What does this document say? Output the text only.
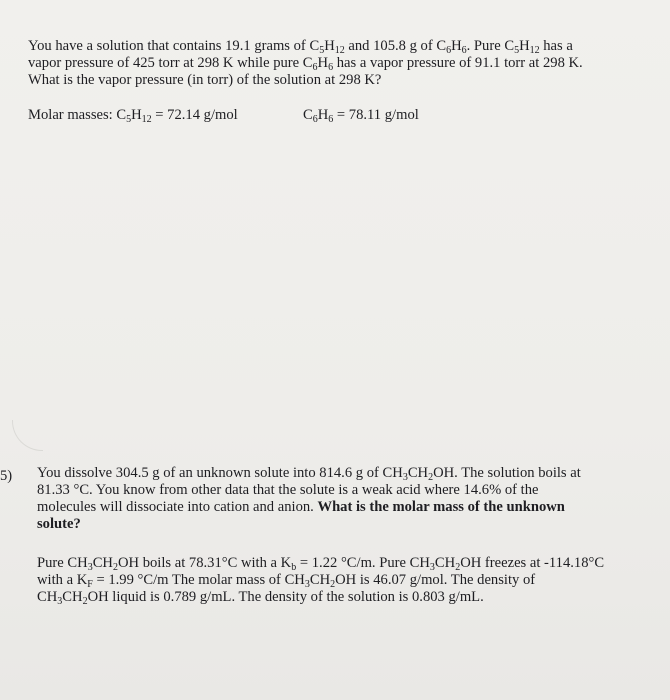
You have a solution that contains 19.1 grams of $C_5H_{12}$ and 105.8 g of $C_6H_6$. Pure $C_5H_{12}$ has a
vapor pressure of 425 torr at 298 K while pure $C_6H_6$ has a vapor pressure of 91.1 torr at 298 K.
What is the vapor pressure (in torr) of the solution at 298 K?
Molar masses: $C_5H_{12} = 72.14$ g/mol	$C_6H_6 = 78.11$ g/mol
5) You dissolve 304.5 g of an unknown solute into 814.6 g of $CH_3CH_2OH$. The solution boils at
81.33 °C. You know from other data that the solute is a weak acid where 14.6% of the
molecules will dissociate into cation and anion. What is the molar mass of the unknown
solute?
Pure $CH_3CH_2OH$ boils at 78.31°C with a $K_b = 1.22$ °C/m. Pure $CH_3CH_2OH$ freezes at -114.18°C
with a $K_F = 1.99$ °C/m The molar mass of $CH_3CH_2OH$ is 46.07 g/mol. The density of
$CH_3CH_2OH$ liquid is 0.789 g/mL. The density of the solution is 0.803 g/mL.
